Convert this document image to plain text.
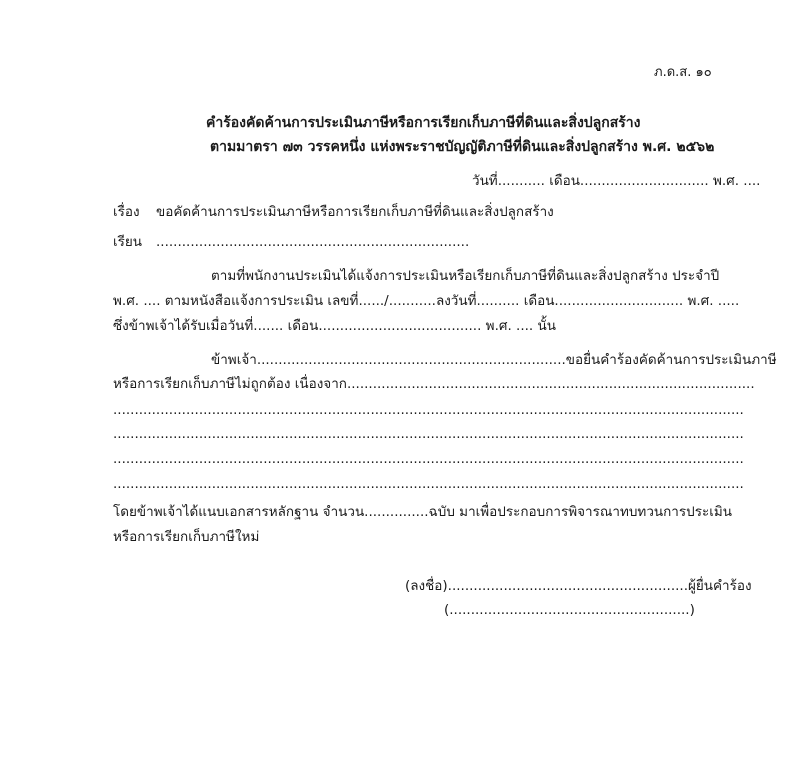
ภ.ด.ส. ๑๐

คำร้องคัดค้านการประเมินภาษีหรือการเรียกเก็บภาษีที่ดินและสิ่งปลูกสร้าง

ตามมาตรา ๗๓ วรรคหนึ่ง แห่งพระราชบัญญัติภาษีที่ดินและสิ่งปลูกสร้าง พ.ศ. ๒๕๖๒

วันที่........... เดือน.............................. พ.ศ. ....

เรื่อง ขอคัดค้านการประเมินภาษีหรือการเรียกเก็บภาษีที่ดินและสิ่งปลูกสร้าง

เรียน .........................................................................

ตามที่พนักงานประเมินได้แจ้งการประเมินหรือเรียกเก็บภาษีที่ดินและสิ่งปลูกสร้าง ประจำปี

พ.ศ. .... ตามหนังสือแจ้งการประเมิน เลขที่....../...........ลงวันที่.......... เดือน.............................. พ.ศ. .....

ซึ่งข้าพเจ้าได้รับเมื่อวันที่....... เดือน...................................... พ.ศ. .... นั้น

ข้าพเจ้า........................................................................ขอยื่นคำร้องคัดค้านการประเมินภาษี

หรือการเรียกเก็บภาษีไม่ถูกต้อง เนื่องจาก...............................................................................................

...................................................................................................................................................

...................................................................................................................................................

...................................................................................................................................................

...................................................................................................................................................

โดยข้าพเจ้าได้แนบเอกสารหลักฐาน จำนวน...............ฉบับ มาเพื่อประกอบการพิจารณาทบทวนการประเมิน

หรือการเรียกเก็บภาษีใหม่

(ลงชื่อ)........................................................ผู้ยื่นคำร้อง

(........................................................)
